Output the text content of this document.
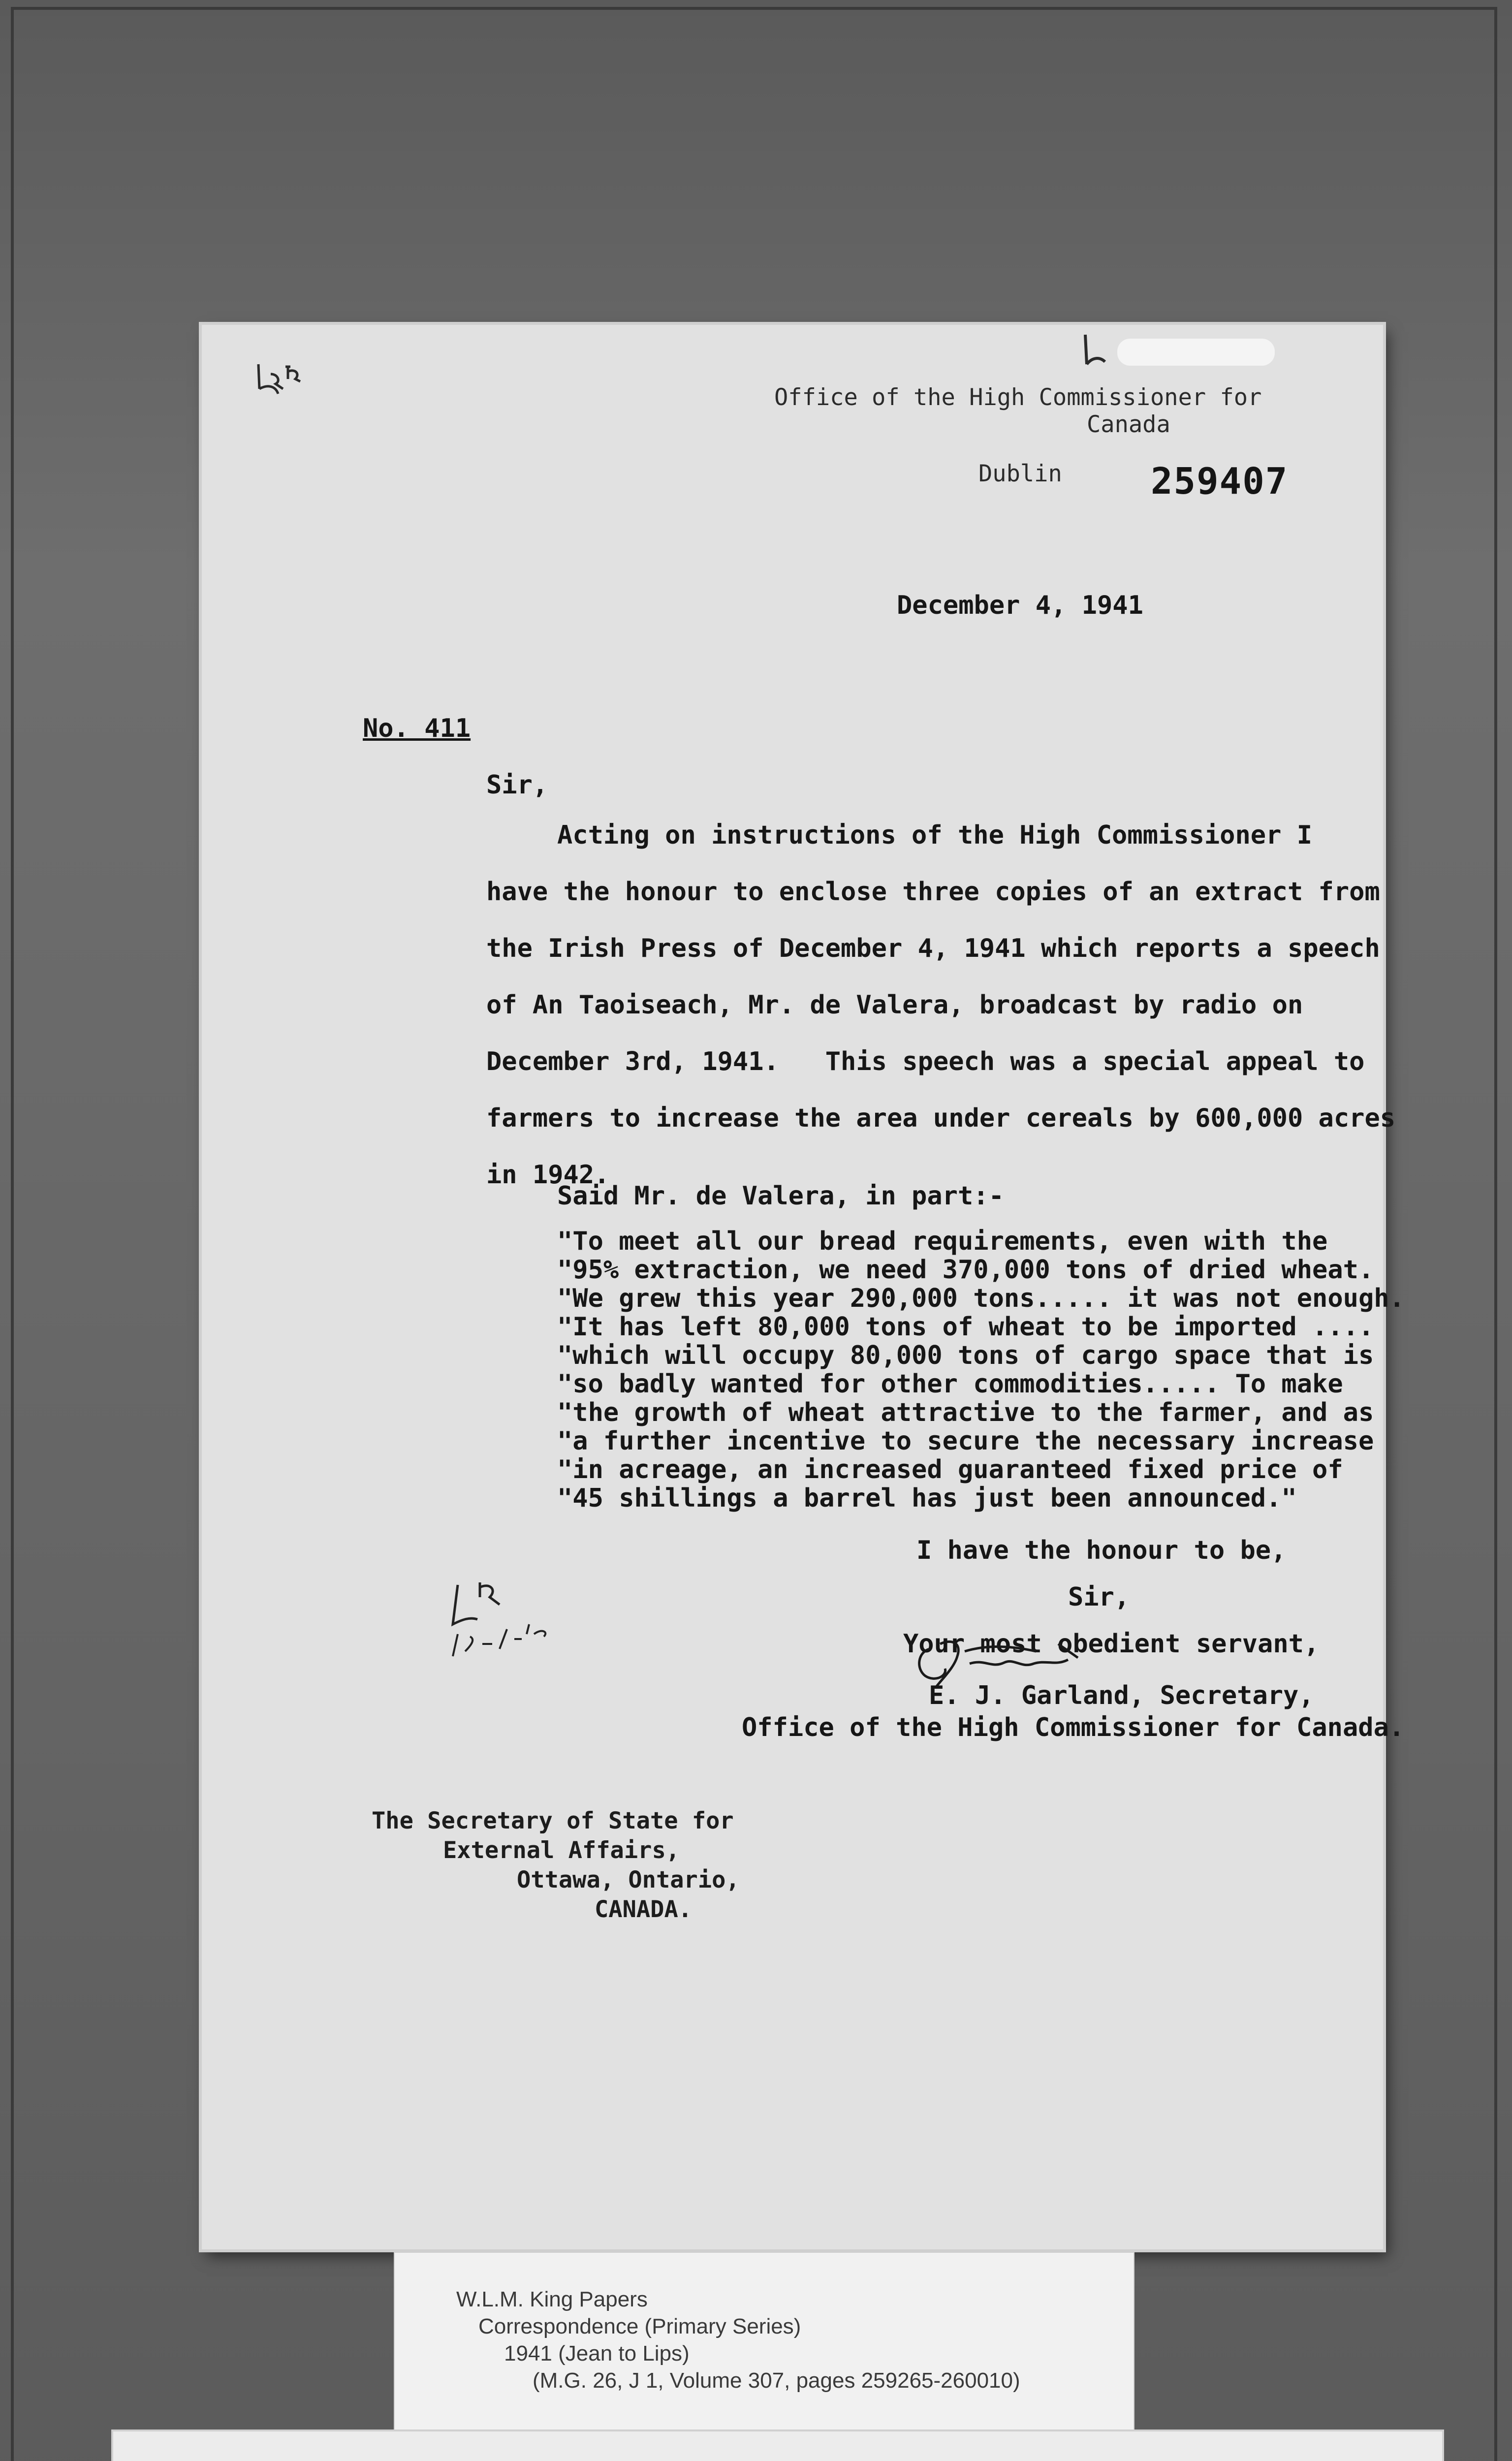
Office of the High Commissioner for
Canada
Dublin 259407
December 4, 1941
No. 411
Sir,
Acting on instructions of the High Commissioner I
have the honour to enclose three copies of an extract from
the Irish Press of December 4, 1941 which reports a speech
of An Taoiseach, Mr. de Valera, broadcast by radio on
December 3rd, 1941.   This speech was a special appeal to
farmers to increase the area under cereals by 600,000 acres
in 1942.
Said Mr. de Valera, in part:-
"To meet all our bread requirements, even with the
"95% extraction, we need 370,000 tons of dried wheat.
"We grew this year 290,000 tons..... it was not enough.
"It has left 80,000 tons of wheat to be imported ....
"which will occupy 80,000 tons of cargo space that is
"so badly wanted for other commodities..... To make
"the growth of wheat attractive to the farmer, and as
"a further incentive to secure the necessary increase
"in acreage, an increased guaranteed fixed price of
"45 shillings a barrel has just been announced."
I have the honour to be,
Sir,
Your most obedient servant,
E. J. Garland, Secretary,
Office of the High Commissioner for Canada.
The Secretary of State for
External Affairs,
Ottawa, Ontario,
CANADA.
W.L.M. King Papers
Correspondence (Primary Series)
1941 (Jean to Lips)
(M.G. 26, J 1, Volume 307, pages 259265-260010)
